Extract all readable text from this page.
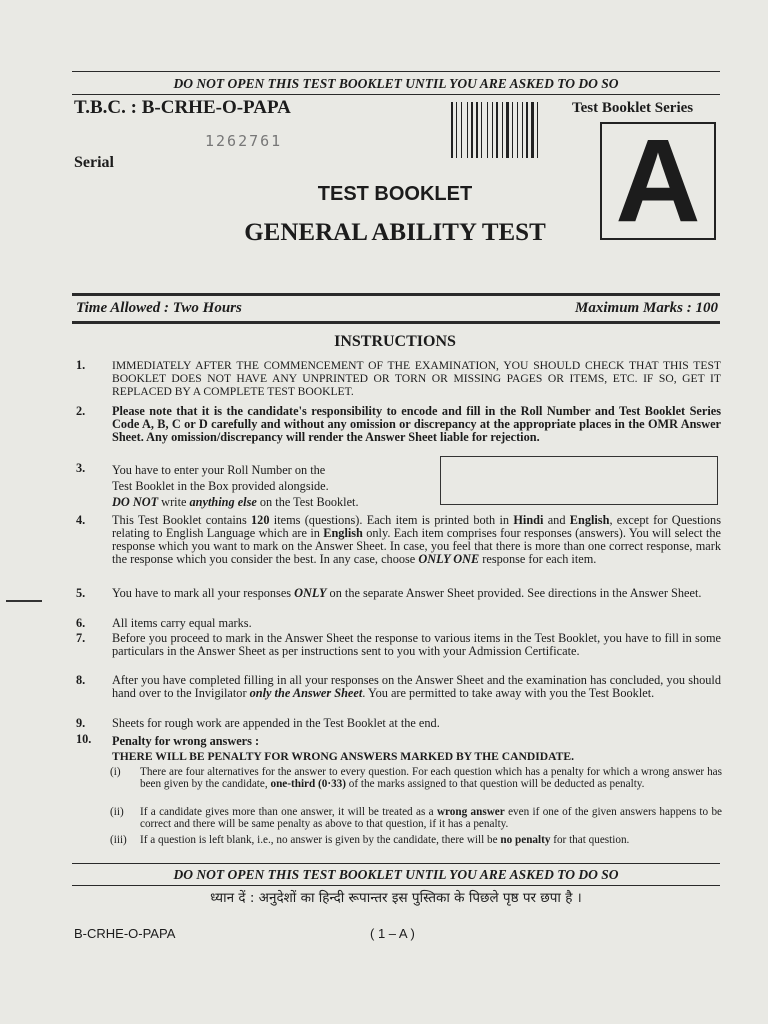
DO NOT OPEN THIS TEST BOOKLET UNTIL YOU ARE ASKED TO DO SO
T.B.C. : B-CRHE-O-PAPA
1262761
Serial
Test Booklet Series
A
TEST BOOKLET
GENERAL ABILITY TEST
Time Allowed : Two Hours	Maximum Marks : 100
INSTRUCTIONS
1.	IMMEDIATELY AFTER THE COMMENCEMENT OF THE EXAMINATION, YOU SHOULD CHECK THAT THIS TEST BOOKLET DOES NOT HAVE ANY UNPRINTED OR TORN OR MISSING PAGES OR ITEMS, ETC. IF SO, GET IT REPLACED BY A COMPLETE TEST BOOKLET.
2.	Please note that it is the candidate's responsibility to encode and fill in the Roll Number and Test Booklet Series Code A, B, C or D carefully and without any omission or discrepancy at the appropriate places in the OMR Answer Sheet. Any omission/discrepancy will render the Answer Sheet liable for rejection.
3.	You have to enter your Roll Number on the
Test Booklet in the Box provided alongside.
DO NOT write anything else on the Test Booklet.
4.	This Test Booklet contains 120 items (questions). Each item is printed both in Hindi and English, except for Questions relating to English Language which are in English only. Each item comprises four responses (answers). You will select the response which you want to mark on the Answer Sheet. In case, you feel that there is more than one correct response, mark the response which you consider the best. In any case, choose ONLY ONE response for each item.
5.	You have to mark all your responses ONLY on the separate Answer Sheet provided. See directions in the Answer Sheet.
6.	All items carry equal marks.
7.	Before you proceed to mark in the Answer Sheet the response to various items in the Test Booklet, you have to fill in some particulars in the Answer Sheet as per instructions sent to you with your Admission Certificate.
8.	After you have completed filling in all your responses on the Answer Sheet and the examination has concluded, you should hand over to the Invigilator only the Answer Sheet. You are permitted to take away with you the Test Booklet.
9.	Sheets for rough work are appended in the Test Booklet at the end.
10.	Penalty for wrong answers :
THERE WILL BE PENALTY FOR WRONG ANSWERS MARKED BY THE CANDIDATE.
(i)	There are four alternatives for the answer to every question. For each question which has a penalty for which a wrong answer has been given by the candidate, one-third (0·33) of the marks assigned to that question will be deducted as penalty.
(ii)	If a candidate gives more than one answer, it will be treated as a wrong answer even if one of the given answers happens to be correct and there will be same penalty as above to that question, if it has a penalty.
(iii)	If a question is left blank, i.e., no answer is given by the candidate, there will be no penalty for that question.
DO NOT OPEN THIS TEST BOOKLET UNTIL YOU ARE ASKED TO DO SO
ध्यान दें : अनुदेशों का हिन्दी रूपान्तर इस पुस्तिका के पिछले पृष्ठ पर छपा है ।
B-CRHE-O-PAPA	( 1 – A )
